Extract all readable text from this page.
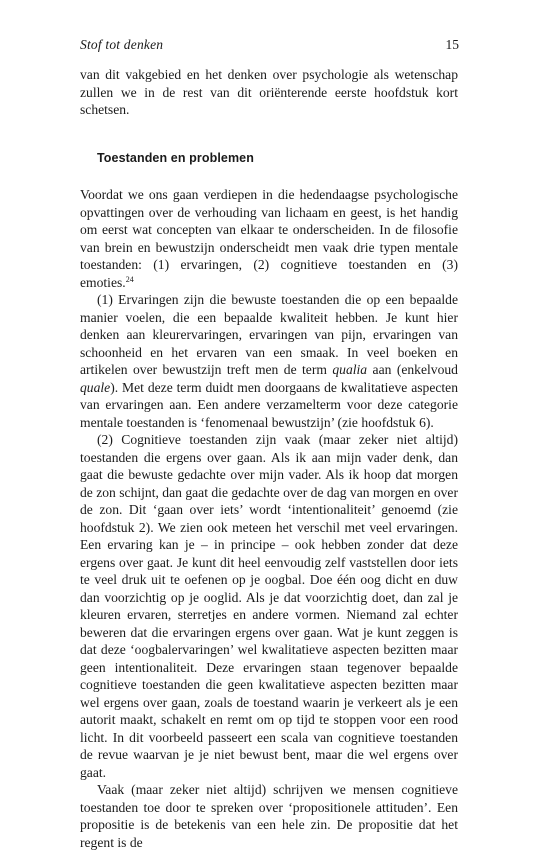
Stof tot denken	15

van dit vakgebied en het denken over psychologie als wetenschap zullen we in de rest van dit oriënterende eerste hoofdstuk kort schetsen.

Toestanden en problemen

Voordat we ons gaan verdiepen in die hedendaagse psychologische opvattingen over de verhouding van lichaam en geest, is het handig om eerst wat concepten van elkaar te onderscheiden. In de filosofie van brein en bewustzijn onderscheidt men vaak drie typen mentale toestanden: (1) ervaringen, (2) cognitieve toestanden en (3) emoties.$^{24}$

(1) Ervaringen zijn die bewuste toestanden die op een bepaalde manier voelen, die een bepaalde kwaliteit hebben. Je kunt hier denken aan kleurervaringen, ervaringen van pijn, ervaringen van schoonheid en het ervaren van een smaak. In veel boeken en artikelen over bewustzijn treft men de term qualia aan (enkelvoud quale). Met deze term duidt men doorgaans de kwalitatieve aspecten van ervaringen aan. Een andere verzamelterm voor deze categorie mentale toestanden is ‘fenomenaal bewustzijn’ (zie hoofdstuk 6).

(2) Cognitieve toestanden zijn vaak (maar zeker niet altijd) toestanden die ergens over gaan. Als ik aan mijn vader denk, dan gaat die bewuste gedachte over mijn vader. Als ik hoop dat morgen de zon schijnt, dan gaat die gedachte over de dag van morgen en over de zon. Dit ‘gaan over iets’ wordt ‘intentionaliteit’ genoemd (zie hoofdstuk 2). We zien ook meteen het verschil met veel ervaringen. Een ervaring kan je – in principe – ook hebben zonder dat deze ergens over gaat. Je kunt dit heel eenvoudig zelf vaststellen door iets te veel druk uit te oefenen op je oogbal. Doe één oog dicht en duw dan voorzichtig op je ooglid. Als je dat voorzichtig doet, dan zal je kleuren ervaren, sterretjes en andere vormen. Niemand zal echter beweren dat die ervaringen ergens over gaan. Wat je kunt zeggen is dat deze ‘oogbalervaringen’ wel kwalitatieve aspecten bezitten maar geen intentionaliteit. Deze ervaringen staan tegenover bepaalde cognitieve toestanden die geen kwalitatieve aspecten bezitten maar wel ergens over gaan, zoals de toestand waarin je verkeert als je een autorit maakt, schakelt en remt om op tijd te stoppen voor een rood licht. In dit voorbeeld passeert een scala van cognitieve toestanden de revue waarvan je je niet bewust bent, maar die wel ergens over gaat.

Vaak (maar zeker niet altijd) schrijven we mensen cognitieve toestanden toe door te spreken over ‘propositionele attituden’. Een propositie is de betekenis van een hele zin. De propositie dat het regent is de
